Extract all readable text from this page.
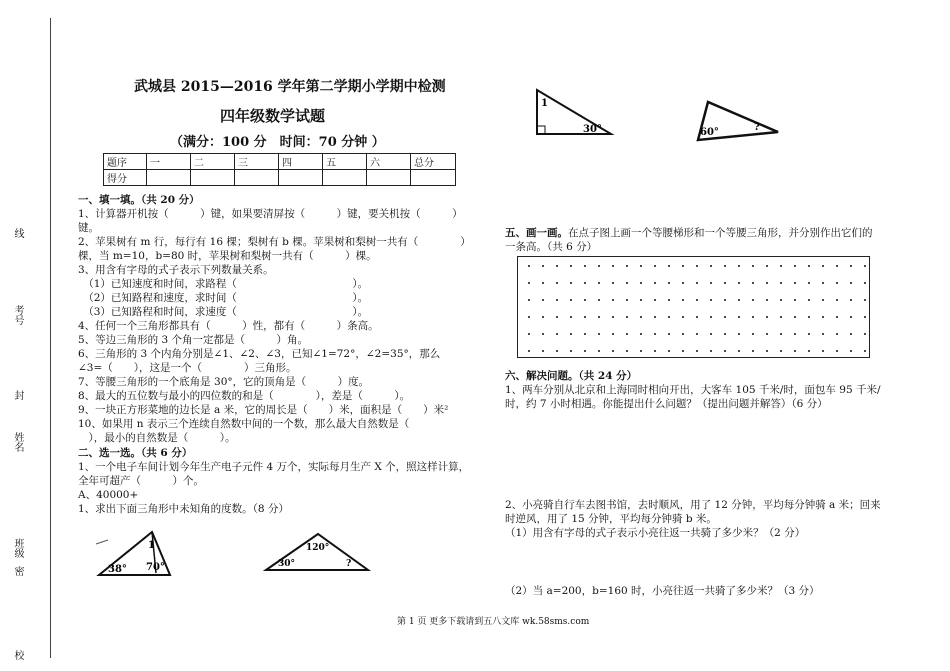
线
考号
封
姓名
班级
密
校
武城县 2015—2016 学年第二学期小学期中检测
四年级数学试题
（满分：100 分　时间：70 分钟 ）
题序	一	二	三	四	五	六	总分
得分							
一、填一填。（共 20 分）
1、计算器开机按（　　　）键，如果要清屏按（　　　）键，要关机按（　　　）
键。
2、苹果树有 m 行，每行有 16 棵；梨树有 b 棵。苹果树和梨树一共有（　　　　）
棵，当 m=10，b=80 时，苹果树和梨树一共有（　　　）棵。
3、用含有字母的式子表示下列数量关系。
　（1）已知速度和时间，求路程（　　　　　　　　　　　）。
　（2）已知路程和速度，求时间（　　　　　　　　　　　）。
　（3）已知路程和时间，求速度（　　　　　　　　　　　）。
4、任何一个三角形都具有（　　　）性，都有（　　　）条高。
5、等边三角形的 3 个角一定都是（　　　）角。
6、三角形的 3 个内角分别是∠1、∠2、∠3，已知∠1=72°，∠2=35°，那么
∠3=（　　），这是一个（　　　　）三角形。
7、等腰三角形的一个底角是 30°，它的顶角是（　　　）度。
8、最大的五位数与最小的四位数的和是（　　　　），差是（　　　）。
9、一块正方形菜地的边长是 a 米，它的周长是（　　）米，面积是（　　）米²
10、如果用 n 表示三个连续自然数中间的一个数，那么最大自然数是（　
　），最小的自然数是（　　　）。
二、选一选。（共 6 分）
1、一个电子车间计划今年生产电子元件 4 万个，实际每月生产 X 个，照这样计算，
全年可超产（　　　）个。
A、40000+
1、求出下面三角形中未知角的度数。（8 分）
1
38° 70°
120°
30°	?
1
30°	60°	?
五、画一画。在点子图上画一个等腰梯形和一个等腰三角形，并分别作出它们的
一条高。（共 6 分）
六、解决问题。（共 24 分）
1、两车分别从北京和上海同时相向开出，大客车 105 千米/时，面包车 95 千米/
时，约 7 小时相遇。你能提出什么问题？（提出问题并解答）（6 分）
2、小亮骑自行车去图书馆，去时顺风，用了 12 分钟，平均每分钟骑 a 米；回来
时逆风，用了 15 分钟，平均每分钟骑 b 米。
（1）用含有字母的式子表示小亮往返一共骑了多少米？（2 分）
（2）当 a=200，b=160 时，小亮往返一共骑了多少米？（3 分）
第 1 页 更多下载请到五八文库 wk.58sms.com
